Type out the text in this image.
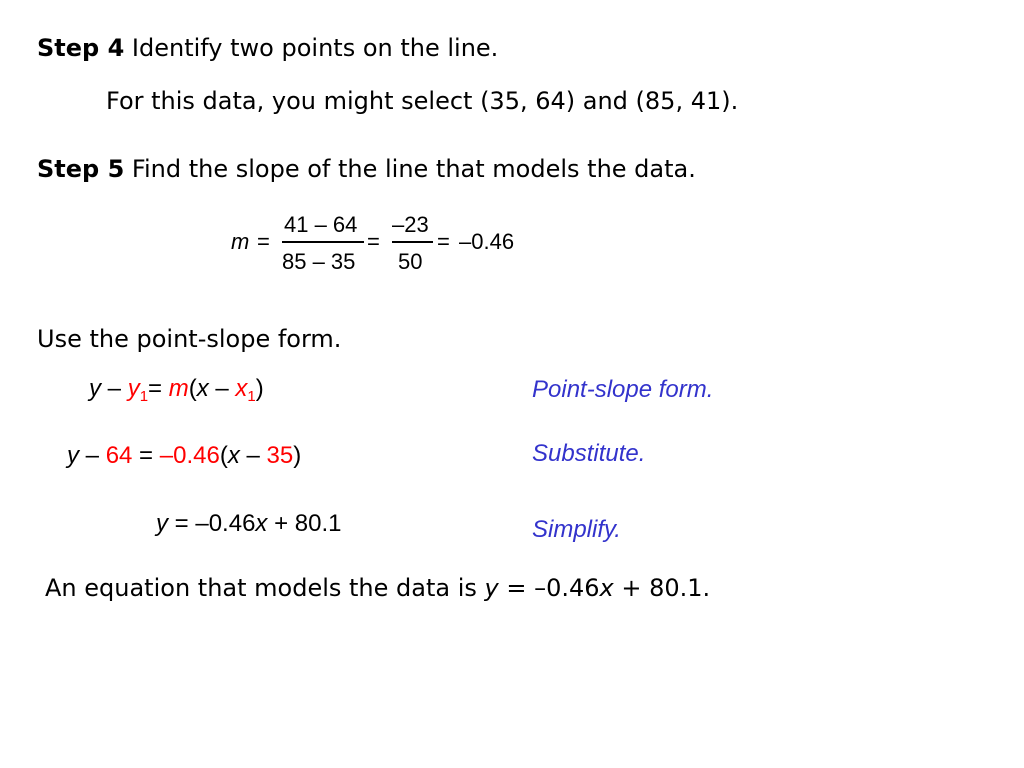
Step 4 Identify two points on the line.
For this data, you might select (35, 64) and (85, 41).
Step 5 Find the slope of the line that models the data.
m =
41 – 64
85 – 35
=
–23
50
= –0.46
Use the point-slope form.
$y - y_1= m(x - x_1)$	Point-slope form.
y – 64 = –0.46(x – 35)	Substitute.
y = –0.46x + 80.1	Simplify.
An equation that models the data is y = –0.46x + 80.1.
